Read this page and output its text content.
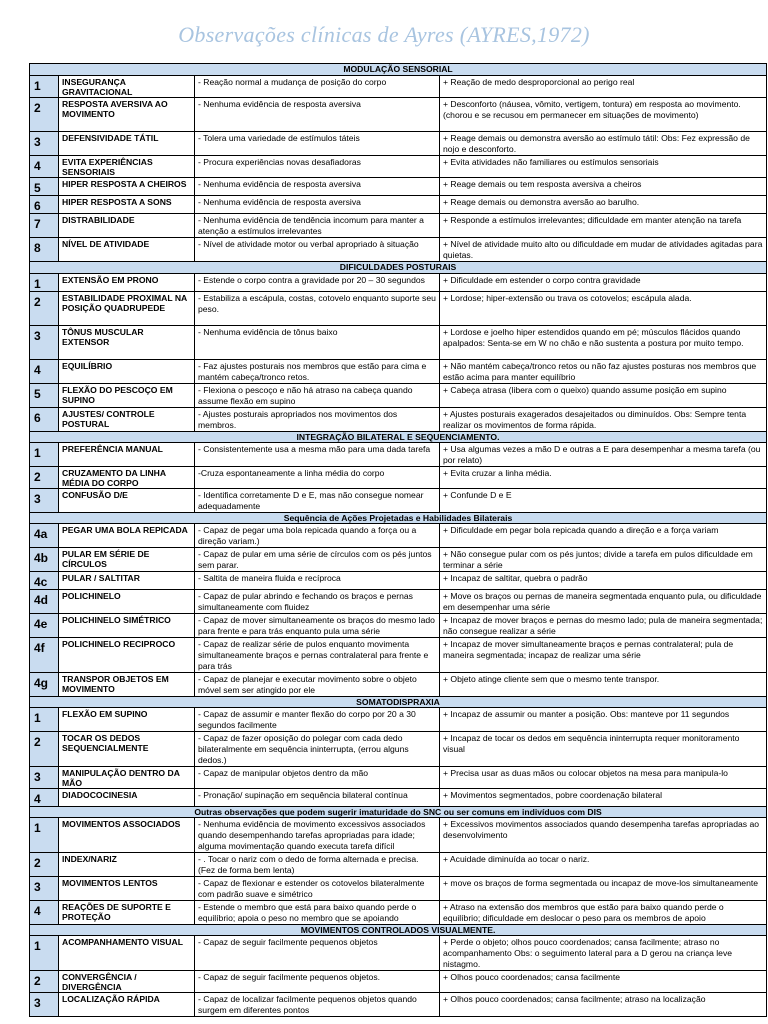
Observações clínicas de Ayres (AYRES,1972)
MODULAÇÃO SENSORIAL			
1	INSEGURANÇA GRAVITACIONAL	- Reação normal a mudança de posição do corpo	+ Reação de medo desproporcional ao perigo real
2	RESPOSTA AVERSIVA AO MOVIMENTO	- Nenhuma evidência de resposta aversiva	+ Desconforto (náusea, vômito, vertigem, tontura) em resposta ao movimento. (chorou e se recusou em permanecer em situações de movimento)
3	DEFENSIVIDADE TÁTIL	- Tolera uma variedade de estímulos táteis	+ Reage demais ou demonstra aversão ao estímulo tátil: Obs: Fez expressão de nojo e desconforto.
4	EVITA EXPERIÊNCIAS SENSORIAIS	- Procura experiências novas desafiadoras	+ Evita atividades não familiares ou estímulos sensoriais
5	HIPER RESPOSTA A CHEIROS	- Nenhuma evidência de resposta aversiva	+ Reage demais ou tem resposta aversiva a cheiros
6	HIPER RESPOSTA A SONS	- Nenhuma evidência de resposta aversiva	+ Reage demais ou demonstra aversão ao barulho.
7	DISTRABILIDADE	- Nenhuma evidência de tendência incomum para manter a atenção a estímulos irrelevantes	+ Responde a estímulos irrelevantes; dificuldade em manter atenção na tarefa
8	NÍVEL DE ATIVIDADE	- Nível de atividade motor ou verbal apropriado à situação	+ Nível de atividade muito alto ou dificuldade em mudar de atividades agitadas para quietas.
DIFICULDADES POSTURAIS			
1	EXTENSÃO EM PRONO	- Estende o corpo contra a gravidade por 20 – 30 segundos	+ Dificuldade em estender o corpo contra gravidade
2	ESTABILIDADE PROXIMAL NA POSIÇÃO QUADRUPEDE	- Estabiliza a escápula, costas, cotovelo enquanto suporte seu peso.	+ Lordose; hiper-extensão ou trava os cotovelos; escápula alada.
3	TÔNUS MUSCULAR EXTENSOR	- Nenhuma evidência de tônus baixo	+ Lordose e joelho hiper estendidos quando em pé; músculos flácidos quando apalpados: Senta-se em W no chão e não sustenta a postura por muito tempo.
4	EQUILÍBRIO	- Faz ajustes posturais nos membros que estão para cima e mantém cabeça/tronco retos.	+ Não mantém cabeça/tronco retos ou não faz ajustes posturas nos membros que estão acima para manter equilíbrio
5	FLEXÃO DO PESCOÇO EM SUPINO	- Flexiona o pescoço e não há atraso na cabeça quando assume flexão em supino	+ Cabeça atrasa (libera com o queixo) quando assume posição em supino
6	AJUSTES/ CONTROLE POSTURAL	- Ajustes posturais apropriados nos movimentos dos membros.	+ Ajustes posturais exagerados desajeitados ou diminuídos. Obs: Sempre tenta realizar os movimentos de forma rápida.
INTEGRAÇÃO BILATERAL E SEQUENCIAMENTO.			
1	PREFERÊNCIA MANUAL	- Consistentemente usa a mesma mão para uma dada tarefa	+ Usa algumas vezes a mão D e outras a E para desempenhar a mesma tarefa (ou por relato)
2	CRUZAMENTO DA LINHA MÉDIA DO CORPO	-Cruza espontaneamente a linha média do corpo	+ Evita cruzar a linha média.
3	CONFUSÃO D/E	- Identifica corretamente D e E, mas não consegue nomear adequadamente	+ Confunde D e E
Sequência de Ações Projetadas e Habilidades Bilaterais			
4a	PEGAR UMA BOLA REPICADA	- Capaz de pegar uma bola repicada quando a força ou a direção variam.)	+ Dificuldade em pegar bola repicada quando a direção e a força variam
4b	PULAR EM SÉRIE DE CÍRCULOS	- Capaz de pular em uma série de círculos com os pés juntos sem parar.	+ Não consegue pular com os pés juntos; divide a tarefa em pulos dificuldade em terminar a série
4c	PULAR / SALTITAR	- Saltita de maneira fluida e recíproca	+ Incapaz de saltitar, quebra o padrão
4d	POLICHINELO	- Capaz de pular abrindo e fechando os braços e pernas simultaneamente com fluidez	+ Move os braços ou pernas de maneira segmentada enquanto pula, ou dificuldade em desempenhar uma série
4e	POLICHINELO SIMÉTRICO	- Capaz de mover simultaneamente os braços do mesmo lado para frente e para trás enquanto pula uma série	+ Incapaz de mover braços e pernas do mesmo lado; pula de maneira segmentada; não consegue realizar a série
4f	POLICHINELO RECIPROCO	- Capaz de realizar série de pulos enquanto movimenta simultaneamente braços e pernas contralateral para frente e para trás	+ Incapaz de mover simultaneamente braços e pernas contralateral; pula de maneira segmentada; incapaz de realizar uma série
4g	TRANSPOR OBJETOS EM MOVIMENTO	- Capaz de planejar e executar movimento sobre o objeto móvel sem ser atingido por ele	+ Objeto atinge cliente sem que o mesmo tente transpor.
SOMATODISPRAXIA			
1	FLEXÃO EM SUPINO	- Capaz de assumir e manter flexão do corpo por 20 a 30 segundos facilmente	+ Incapaz de assumir ou manter a posição. Obs: manteve por 11 segundos
2	TOCAR OS DEDOS SEQUENCIALMENTE	- Capaz de fazer oposição do polegar com cada dedo bilateralmente em sequência ininterrupta, (errou alguns dedos.)	+ Incapaz de tocar os dedos em sequência ininterrupta requer monitoramento visual
3	MANIPULAÇÃO DENTRO DA MÃO	- Capaz de manipular objetos dentro da mão	+ Precisa usar as duas mãos ou colocar objetos na mesa para manipula-lo
4	DIADOCOCINESIA	- Pronação/ supinação em sequência bilateral contínua	+ Movimentos segmentados, pobre coordenação bilateral
Outras observações que podem sugerir imaturidade do SNC ou ser comuns em indivíduos com DIS			
1	MOVIMENTOS ASSOCIADOS	- Nenhuma evidência de movimento excessivos associados quando desempenhando tarefas apropriadas para idade; alguma movimentação quando executa tarefa difícil	+ Excessivos movimentos associados quando desempenha tarefas apropriadas ao desenvolvimento
2	INDEX/NARIZ	- . Tocar o nariz com o dedo de forma alternada e precisa. (Fez de forma bem lenta)	+ Acuidade diminuída ao tocar o nariz.
3	MOVIMENTOS LENTOS	- Capaz de flexionar e estender os cotovelos bilateralmente com padrão suave e simétrico	+ move os braços de forma segmentada ou incapaz de move-los simultaneamente
4	REAÇÕES DE SUPORTE E PROTEÇÃO	- Estende o membro que está para baixo quando perde o equilíbrio; apoia o peso no membro que se apoiando	+ Atraso na extensão dos membros que estão para baixo quando perde o equilíbrio; dificuldade em deslocar o peso para os membros de apoio
MOVIMENTOS CONTROLADOS VISUALMENTE.			
1	ACOMPANHAMENTO VISUAL	- Capaz de seguir facilmente pequenos objetos	+ Perde o objeto; olhos pouco coordenados; cansa facilmente; atraso no acompanhamento Obs: o seguimento lateral para a D gerou na criança leve nistagmo.
2	CONVERGÊNCIA / DIVERGÊNCIA	- Capaz de seguir facilmente pequenos objetos.	+ Olhos pouco coordenados; cansa facilmente
3	LOCALIZAÇÃO RÁPIDA	- Capaz de localizar facilmente pequenos objetos quando surgem em diferentes pontos	+ Olhos pouco coordenados; cansa facilmente; atraso na localização
